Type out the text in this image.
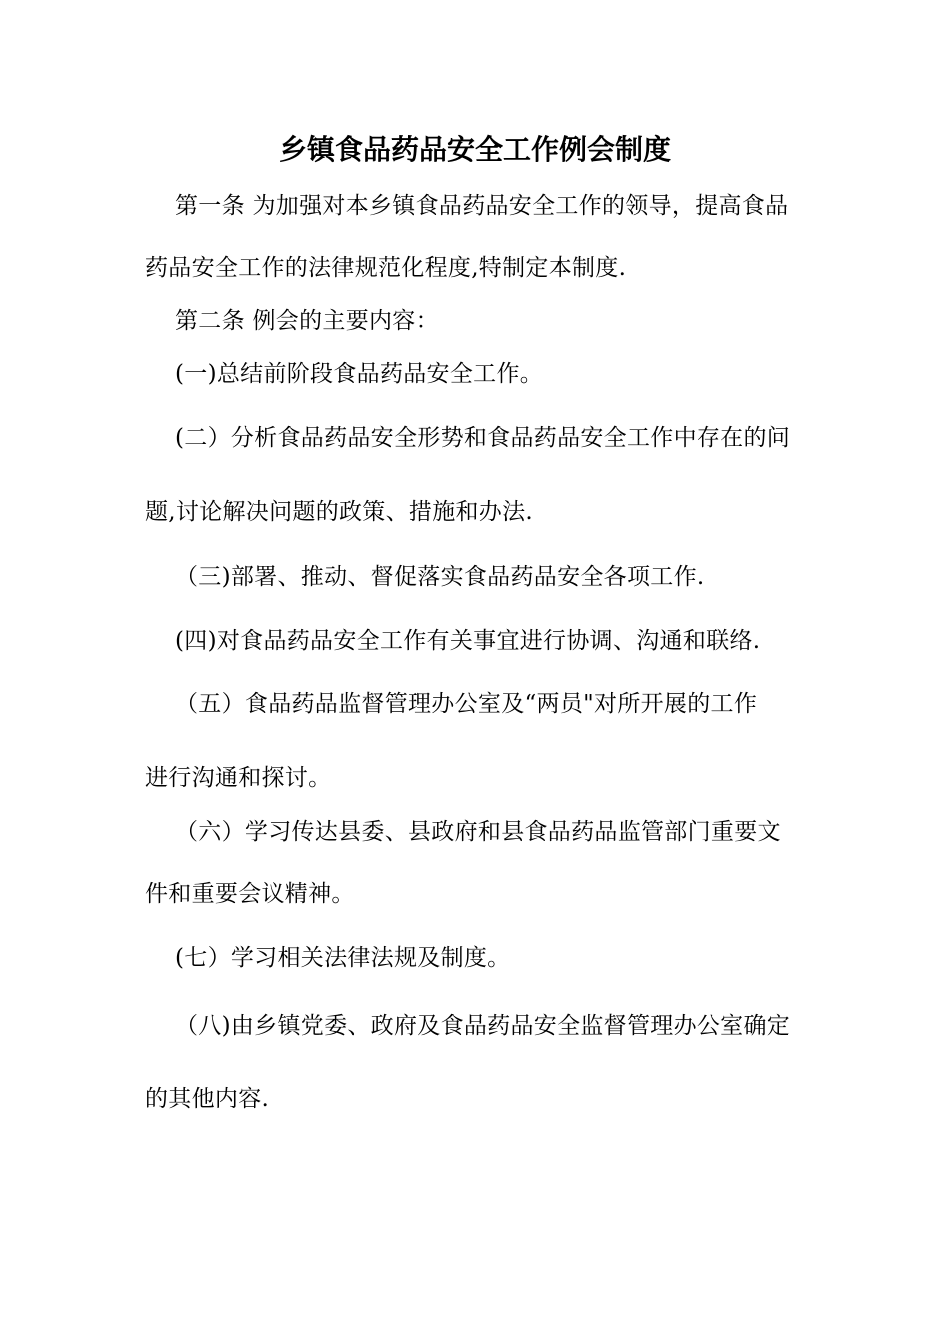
乡镇食品药品安全工作例会制度

第一条 为加强对本乡镇食品药品安全工作的领导，提高食品

药品安全工作的法律规范化程度,特制定本制度.

第二条 例会的主要内容：

(一)总结前阶段食品药品安全工作。

(二）分析食品药品安全形势和食品药品安全工作中存在的问

题,讨论解决问题的政策、措施和办法.

（三)部署、推动、督促落实食品药品安全各项工作.

(四)对食品药品安全工作有关事宜进行协调、沟通和联络.

（五）食品药品监督管理办公室及“两员"对所开展的工作

进行沟通和探讨。

（六）学习传达县委、县政府和县食品药品监管部门重要文

件和重要会议精神。

(七）学习相关法律法规及制度。

（八)由乡镇党委、政府及食品药品安全监督管理办公室确定

的其他内容.
